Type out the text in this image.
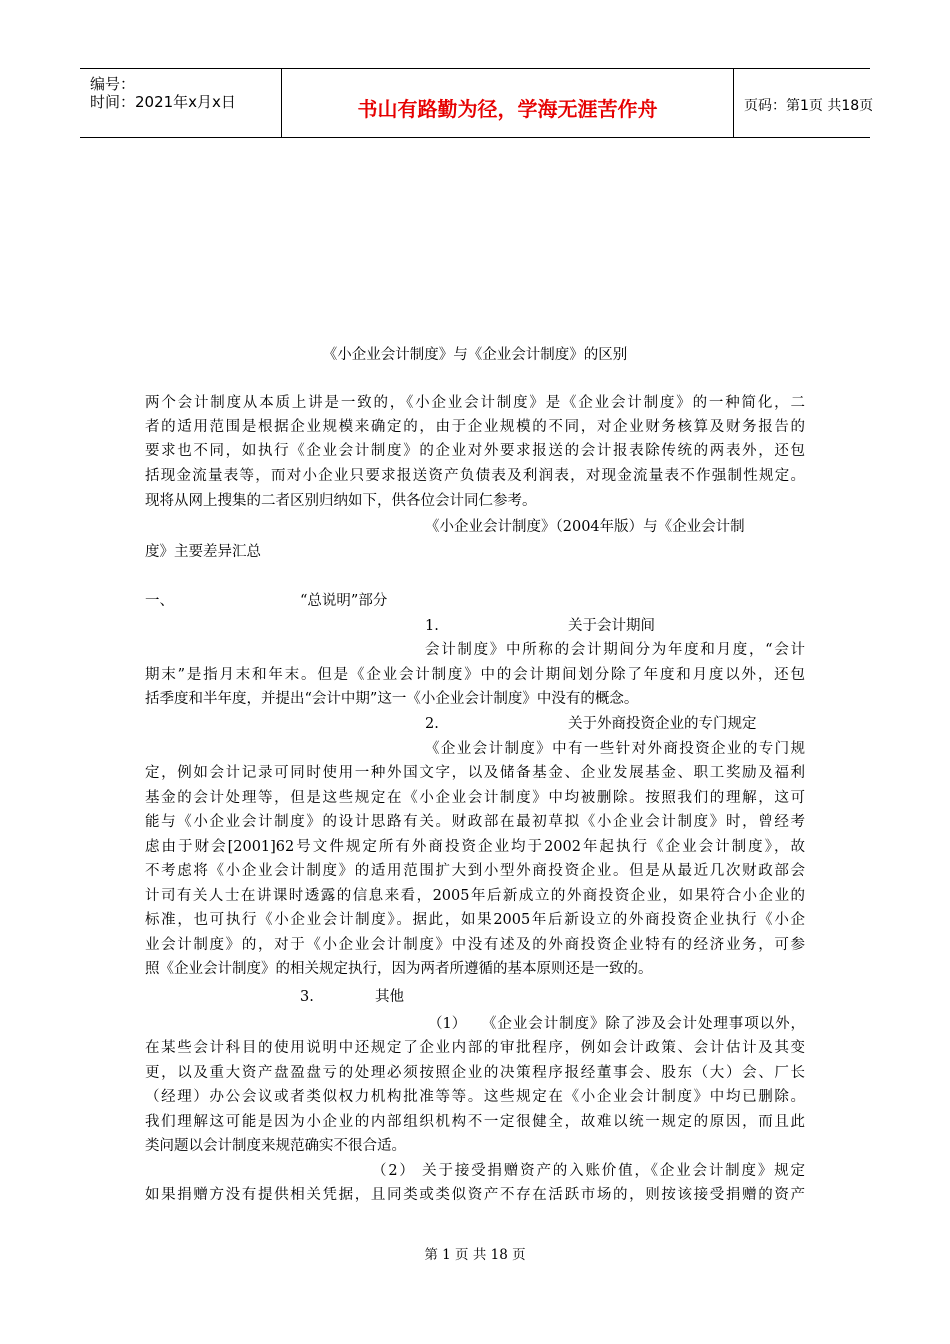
编号：
时间：2021年x月x日	书山有路勤为径，学海无涯苦作舟	页码：第1页 共18页
《小企业会计制度》与《企业会计制度》的区别
两个会计制度从本质上讲是一致的，《小企业会计制度》是《企业会计制度》的一种简化，二
者的适用范围是根据企业规模来确定的，由于企业规模的不同，对企业财务核算及财务报告的
要求也不同，如执行《企业会计制度》的企业对外要求报送的会计报表除传统的两表外，还包
括现金流量表等，而对小企业只要求报送资产负债表及利润表，对现金流量表不作强制性规定。
现将从网上搜集的二者区别归纳如下，供各位会计同仁参考。
《小企业会计制度》（2004年版）与《企业会计制
度》主要差异汇总
一、	“总说明”部分
1.	关于会计期间
会计制度》中所称的会计期间分为年度和月度，“会计
期末”是指月末和年末。但是《企业会计制度》中的会计期间划分除了年度和月度以外，还包
括季度和半年度，并提出“会计中期”这一《小企业会计制度》中没有的概念。
2.	关于外商投资企业的专门规定
《企业会计制度》中有一些针对外商投资企业的专门规
定，例如会计记录可同时使用一种外国文字，以及储备基金、企业发展基金、职工奖励及福利
基金的会计处理等，但是这些规定在《小企业会计制度》中均被删除。按照我们的理解，这可
能与《小企业会计制度》的设计思路有关。财政部在最初草拟《小企业会计制度》时，曾经考
虑由于财会[2001]62号文件规定所有外商投资企业均于2002年起执行《企业会计制度》，故
不考虑将《小企业会计制度》的适用范围扩大到小型外商投资企业。但是从最近几次财政部会
计司有关人士在讲课时透露的信息来看，2005年后新成立的外商投资企业，如果符合小企业的
标准，也可执行《小企业会计制度》。据此，如果2005年后新设立的外商投资企业执行《小企
业会计制度》的，对于《小企业会计制度》中没有述及的外商投资企业特有的经济业务，可参
照《企业会计制度》的相关规定执行，因为两者所遵循的基本原则还是一致的。
3.	其他
（1） 《企业会计制度》除了涉及会计处理事项以外，
在某些会计科目的使用说明中还规定了企业内部的审批程序，例如会计政策、会计估计及其变
更，以及重大资产盘盈盘亏的处理必须按照企业的决策程序报经董事会、股东（大）会、厂长
（经理）办公会议或者类似权力机构批准等等。这些规定在《小企业会计制度》中均已删除。
我们理解这可能是因为小企业的内部组织机构不一定很健全，故难以统一规定的原因，而且此
类问题以会计制度来规范确实不很合适。
（2） 关于接受捐赠资产的入账价值，《企业会计制度》规定
如果捐赠方没有提供相关凭据，且同类或类似资产不存在活跃市场的，则按该接受捐赠的资产
第 1 页 共 18 页
